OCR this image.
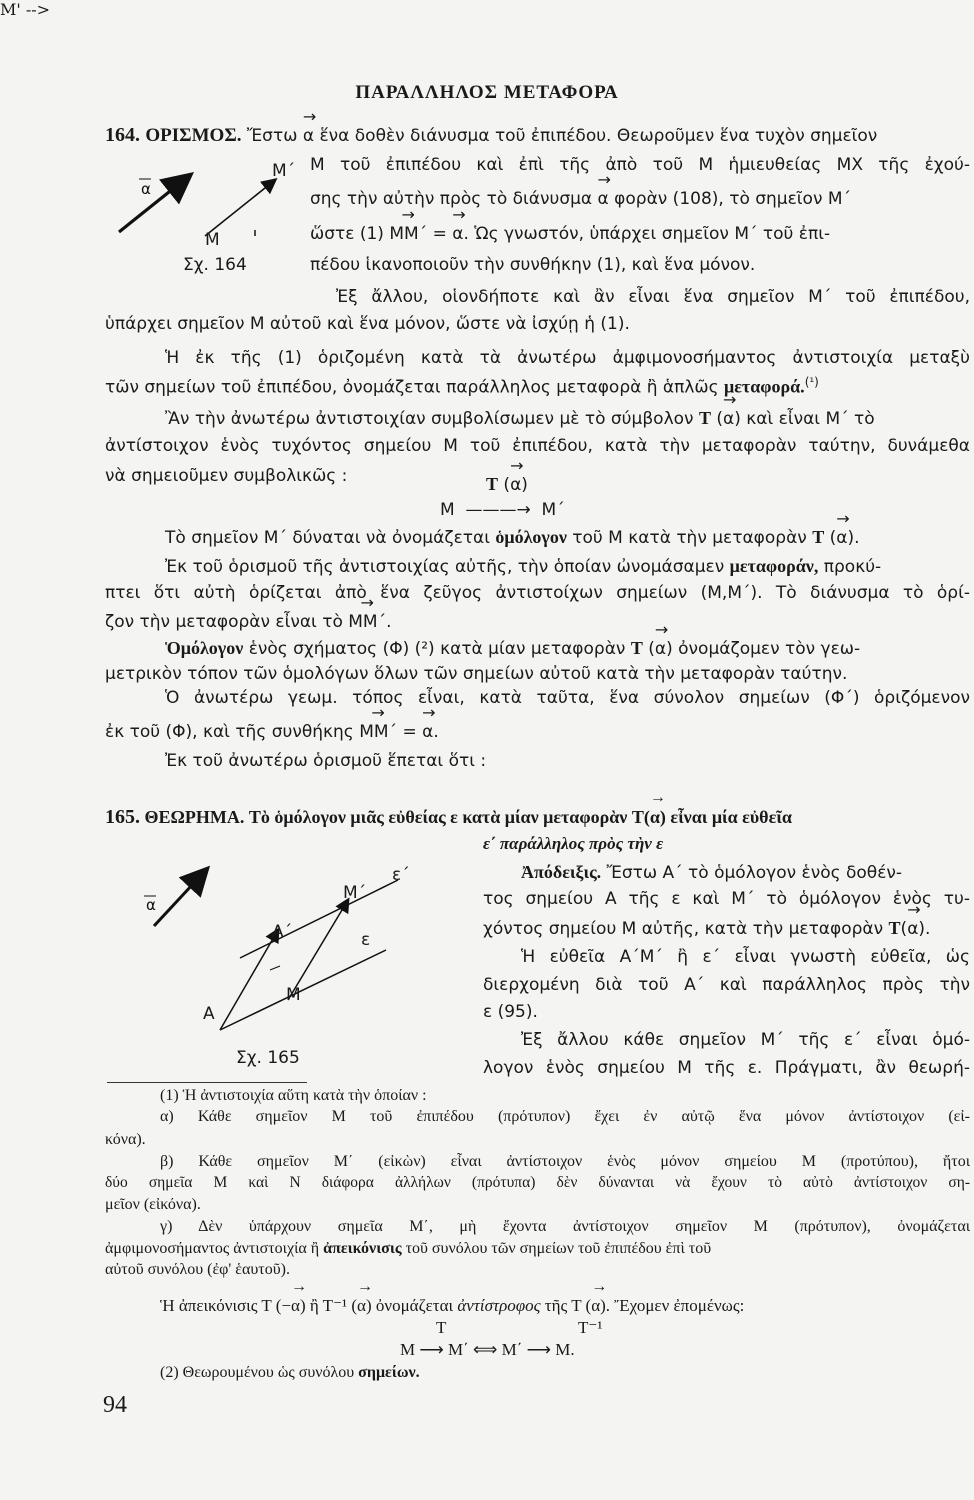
ΠΑΡΑΛΛΗΛΟΣ ΜΕΤΑΦΟΡΑ
164. ΟΡΙΣΜΟΣ. Ἔστω → α ἕνα δοθὲν διάνυσμα τοῦ ἐπιπέδου. Θεωροῦμεν ἕνα τυχὸν σημεῖον
α
Μ
Μ΄
Σχ. 164
Μ τοῦ ἐπιπέδου καὶ ἐπὶ τῆς ἀπὸ τοῦ Μ ἡμιευθείας ΜΧ τῆς ἐχού-
σης τὴν αὐτὴν πρὸς τὸ διάνυσμα → α φορὰν (108), τὸ σημεῖον Μ΄
ὥστε (1) → ΜΜ΄ = → α. Ὡς γνωστόν, ὑπάρχει σημεῖον Μ΄ τοῦ ἐπι-
πέδου ἱκανοποιοῦν τὴν συνθήκην (1), καὶ ἕνα μόνον.
Ἐξ ἄλλου, οἱονδήποτε καὶ ἂν εἶναι ἕνα σημεῖον Μ΄ τοῦ ἐπιπέδου,
ὑπάρχει σημεῖον Μ αὐτοῦ καὶ ἕνα μόνον, ὥστε νὰ ἰσχύῃ ἡ (1).
Ἡ ἐκ τῆς (1) ὁριζομένη κατὰ τὰ ἀνωτέρω ἀμφιμονοσήμαντος ἀντιστοιχία μεταξὺ
τῶν σημείων τοῦ ἐπιπέδου, ὀνομάζεται παράλληλος μεταφορὰ ἢ ἁπλῶς μεταφορά.$^{(^1)}$
Ἂν τὴν ἀνωτέρω ἀντιστοιχίαν συμβολίσωμεν μὲ τὸ σύμβολον Τ (→ α) καὶ εἶναι Μ΄ τὸ
ἀντίστοιχον ἑνὸς τυχόντος σημείου Μ τοῦ ἐπιπέδου, κατὰ τὴν μεταφορὰν ταύτην, δυνάμεθα
νὰ σημειοῦμεν συμβολικῶς :
M' -->
Τ (→ α)
Μ ———→ Μ΄
Τὸ σημεῖον Μ΄ δύναται νὰ ὀνομάζεται ὁμόλογον τοῦ Μ κατὰ τὴν μεταφορὰν Τ (→ α).
Ἐκ τοῦ ὁρισμοῦ τῆς ἀντιστοιχίας αὐτῆς, τὴν ὁποίαν ὠνομάσαμεν μεταφοράν, προκύ-
πτει ὅτι αὐτὴ ὁρίζεται ἀπὸ ἕνα ζεῦγος ἀντιστοίχων σημείων (Μ,Μ΄). Τὸ διάνυσμα τὸ ὁρί-
ζον τὴν μεταφορὰν εἶναι τὸ → ΜΜ΄.
Ὁμόλογον ἑνὸς σχήματος (Φ) (²) κατὰ μίαν μεταφορὰν Τ (→ α) ὀνομάζομεν τὸν γεω-
μετρικὸν τόπον τῶν ὁμολόγων ὅλων τῶν σημείων αὐτοῦ κατὰ τὴν μεταφορὰν ταύτην.
Ὁ ἀνωτέρω γεωμ. τόπος εἶναι, κατὰ ταῦτα, ἕνα σύνολον σημείων (Φ΄) ὁριζόμενον
ἐκ τοῦ (Φ), καὶ τῆς συνθήκης → ΜΜ΄ = → α.
Ἐκ τοῦ ἀνωτέρω ὁρισμοῦ ἕπεται ὅτι :
165. ΘΕΩΡΗΜΑ. Τὸ ὁμόλογον μιᾶς εὐθείας ε κατὰ μίαν μεταφορὰν Τ(→ α) εἶναι μία εὐθεῖα
ε΄ παράλληλος πρὸς τὴν ε
Ἀπόδειξις. Ἔστω Α΄ τὸ ὁμόλογον ἑνὸς δοθέν-
τος σημείου Α τῆς ε καὶ Μ΄ τὸ ὁμόλογον ἑνὸς τυ-
χόντος σημείου Μ αὐτῆς, κατὰ τὴν μεταφορὰν Τ(→ α).
Ἡ εὐθεῖα Α΄Μ΄ ἢ ε΄ εἶναι γνωστὴ εὐθεῖα, ὡς
διερχομένη διὰ τοῦ Α΄ καὶ παράλληλος πρὸς τὴν
ε (95).
Ἐξ ἄλλου κάθε σημεῖον Μ΄ τῆς ε΄ εἶναι ὁμό-
λογον ἑνὸς σημείου Μ τῆς ε. Πράγματι, ἂν θεωρή-
α
Α
Α΄
Μ
Μ΄
ε
ε΄
Σχ. 165
(1) Ἡ ἀντιστοιχία αὕτη κατὰ τὴν ὁποίαν :
α) Κάθε σημεῖον Μ τοῦ ἐπιπέδου (πρότυπον) ἔχει ἐν αὐτῷ ἕνα μόνον ἀντίστοιχον (εἰ-
κόνα).
β) Κάθε σημεῖον Μ΄ (εἰκὼν) εἶναι ἀντίστοιχον ἑνὸς μόνον σημείου Μ (προτύπου), ἤτοι
δύο σημεῖα Μ καὶ Ν διάφορα ἀλλήλων (πρότυπα) δὲν δύνανται νὰ ἔχουν τὸ αὐτὸ ἀντίστοιχον ση-
μεῖον (εἰκόνα).
γ) Δὲν ὑπάρχουν σημεῖα Μ΄, μὴ ἔχοντα ἀντίστοιχον σημεῖον Μ (πρότυπον), ὀνομάζεται
ἀμφιμονοσήμαντος ἀντιστοιχία ἢ ἀπεικόνισις τοῦ συνόλου τῶν σημείων τοῦ ἐπιπέδου ἐπὶ τοῦ
αὐτοῦ συνόλου (ἐφ' ἑαυτοῦ).
Ἡ ἀπεικόνισις Τ (−→ α) ἢ Τ⁻¹ (→ α) ὀνομάζεται ἀντίστροφος τῆς Τ (→ α). Ἔχομεν ἐπομένως:
Τ	Τ⁻¹
Μ ⟶ Μ΄ ⟺ Μ΄ ⟶ Μ.
(2) Θεωρουμένου ὡς συνόλου σημείων.
94
